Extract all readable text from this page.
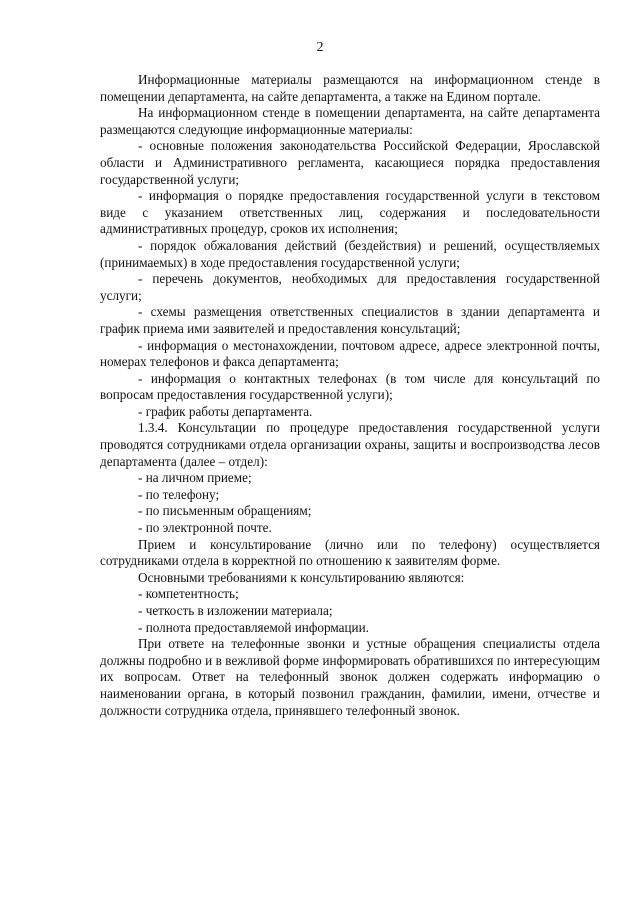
2

Информационные материалы размещаются на информационном стенде в помещении департамента, на сайте департамента, а также на Едином портале.

На информационном стенде в помещении департамента, на сайте департамента размещаются следующие информационные материалы:

- основные положения законодательства Российской Федерации, Ярославской области и Административного регламента, касающиеся порядка предоставления государственной услуги;

- информация о порядке предоставления государственной услуги в текстовом виде с указанием ответственных лиц, содержания и последовательности административных процедур, сроков их исполнения;

- порядок обжалования действий (бездействия) и решений, осуществляемых (принимаемых) в ходе предоставления государственной услуги;

- перечень документов, необходимых для предоставления государственной услуги;

- схемы размещения ответственных специалистов в здании департамента и график приема ими заявителей и предоставления консультаций;

- информация о местонахождении, почтовом адресе, адресе электронной почты, номерах телефонов и факса департамента;

- информация о контактных телефонах (в том числе для консультаций по вопросам предоставления государственной услуги);

- график работы департамента.

1.3.4. Консультации по процедуре предоставления государственной услуги проводятся сотрудниками отдела организации охраны, защиты и воспроизводства лесов департамента (далее – отдел):

- на личном приеме;

- по телефону;

- по письменным обращениям;

- по электронной почте.

Прием и консультирование (лично или по телефону) осуществляется сотрудниками отдела в корректной по отношению к заявителям форме.

Основными требованиями к консультированию являются:

- компетентность;

- четкость в изложении материала;

- полнота предоставляемой информации.

При ответе на телефонные звонки и устные обращения специалисты отдела должны подробно и в вежливой форме информировать обратившихся по интересующим их вопросам. Ответ на телефонный звонок должен содержать информацию о наименовании органа, в который позвонил гражданин, фамилии, имени, отчестве и должности сотрудника отдела, принявшего телефонный звонок.
